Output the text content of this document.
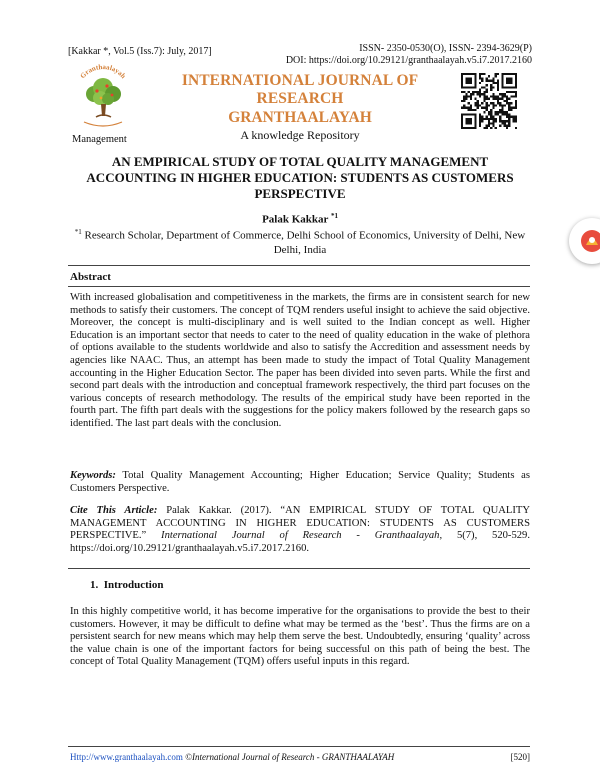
[Kakkar *, Vol.5 (Iss.7): July, 2017]	ISSN- 2350-0530(O), ISSN- 2394-3629(P)
DOI: https://doi.org/10.29121/granthaalayah.v5.i7.2017.2160
Granthaalayah	INTERNATIONAL JOURNAL OF RESEARCH
GRANTHAALAYAH
A knowledge Repository
Management
AN EMPIRICAL STUDY OF TOTAL QUALITY MANAGEMENT ACCOUNTING IN HIGHER EDUCATION: STUDENTS AS CUSTOMERS PERSPECTIVE
Palak Kakkar $^{*1}$
$^{*1}$ Research Scholar, Department of Commerce, Delhi School of Economics, University of Delhi, New Delhi, India
Abstract
With increased globalisation and competitiveness in the markets, the firms are in consistent search for new methods to satisfy their customers. The concept of TQM renders useful insight to achieve the said objective. Moreover, the concept is multi-disciplinary and is well suited to the Indian concept as well. Higher Education is an important sector that needs to cater to the need of quality education in the wake of plethora of options available to the students worldwide and also to satisfy the Accredition and assessment needs by agencies like NAAC. Thus, an attempt has been made to study the impact of Total Quality Management accounting in the Higher Education Sector. The paper has been divided into seven parts. While the first and second part deals with the introduction and conceptual framework respectively, the third part focuses on the various concepts of research methodology. The results of the empirical study have been reported in the fourth part. The fifth part deals with the suggestions for the policy makers followed by the research gaps so identified. The last part deals with the conclusion.
Keywords: Total Quality Management Accounting; Higher Education; Service Quality; Students as Customers Perspective.
Cite This Article: Palak Kakkar. (2017). “AN EMPIRICAL STUDY OF TOTAL QUALITY MANAGEMENT ACCOUNTING IN HIGHER EDUCATION: STUDENTS AS CUSTOMERS PERSPECTIVE.” International Journal of Research - Granthaalayah, 5(7), 520-529. https://doi.org/10.29121/granthaalayah.v5.i7.2017.2160.
1.  Introduction
In this highly competitive world, it has become imperative for the organisations to provide the best to their customers. However, it may be difficult to define what may be termed as the ‘best’. Thus the firms are on a persistent search for new means which may help them serve the best. Undoubtedly, ensuring ‘quality’ across the value chain is one of the important factors for being successful on this path of being the best. The concept of Total Quality Management (TQM) offers useful inputs in this regard.
Http://www.granthaalayah.com ©International Journal of Research - GRANTHAALAYAH	[520]
